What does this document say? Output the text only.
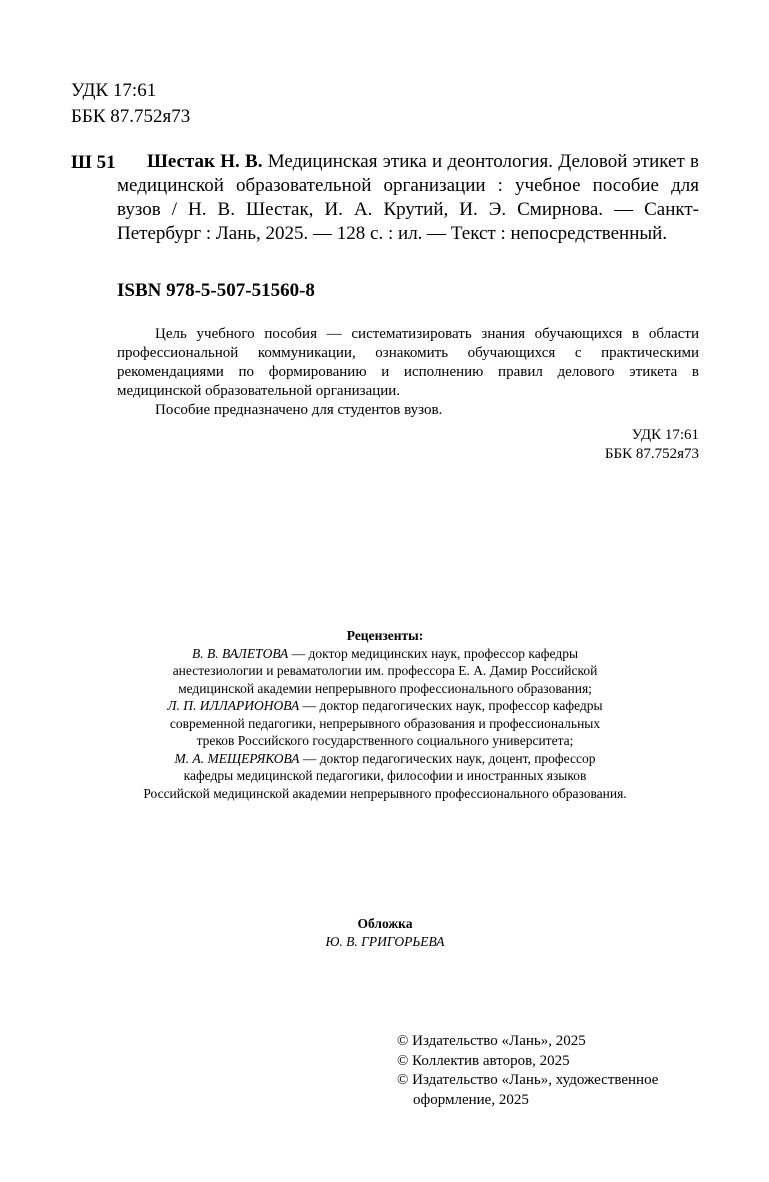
УДК 17:61
ББК 87.752я73
Ш 51	Шестак Н. В. Медицинская этика и деонтология. Деловой этикет в медицинской образовательной организации : учебное пособие для вузов / Н. В. Шестак, И. А. Крутий, И. Э. Смирнова. — Санкт-Петербург : Лань, 2025. — 128 с. : ил. — Текст : непосредственный.
ISBN 978-5-507-51560-8

Цель учебного пособия — систематизировать знания обучающихся в области профессиональной коммуникации, ознакомить обучающихся с практическими рекомендациями по формированию и исполнению правил делового этикета в медицинской образовательной организации.

Пособие предназначено для студентов вузов.

УДК 17:61
ББК 87.752я73
Рецензенты:
В. В. ВАЛЕТОВА — доктор медицинских наук, профессор кафедры
анестезиологии и реваматологии им. профессора Е. А. Дамир Российской
медицинской академии непрерывного профессионального образования;
Л. П. ИЛЛАРИОНОВА — доктор педагогических наук, профессор кафедры
современной педагогики, непрерывного образования и профессиональных
треков Российского государственного социального университета;
М. А. МЕЩЕРЯКОВА — доктор педагогических наук, доцент, профессор
кафедры медицинской педагогики, философии и иностранных языков
Российской медицинской академии непрерывного профессионального образования.
Обложка
Ю. В. ГРИГОРЬЕВА
© Издательство «Лань», 2025
© Коллектив авторов, 2025
© Издательство «Лань», художественное
оформление, 2025
